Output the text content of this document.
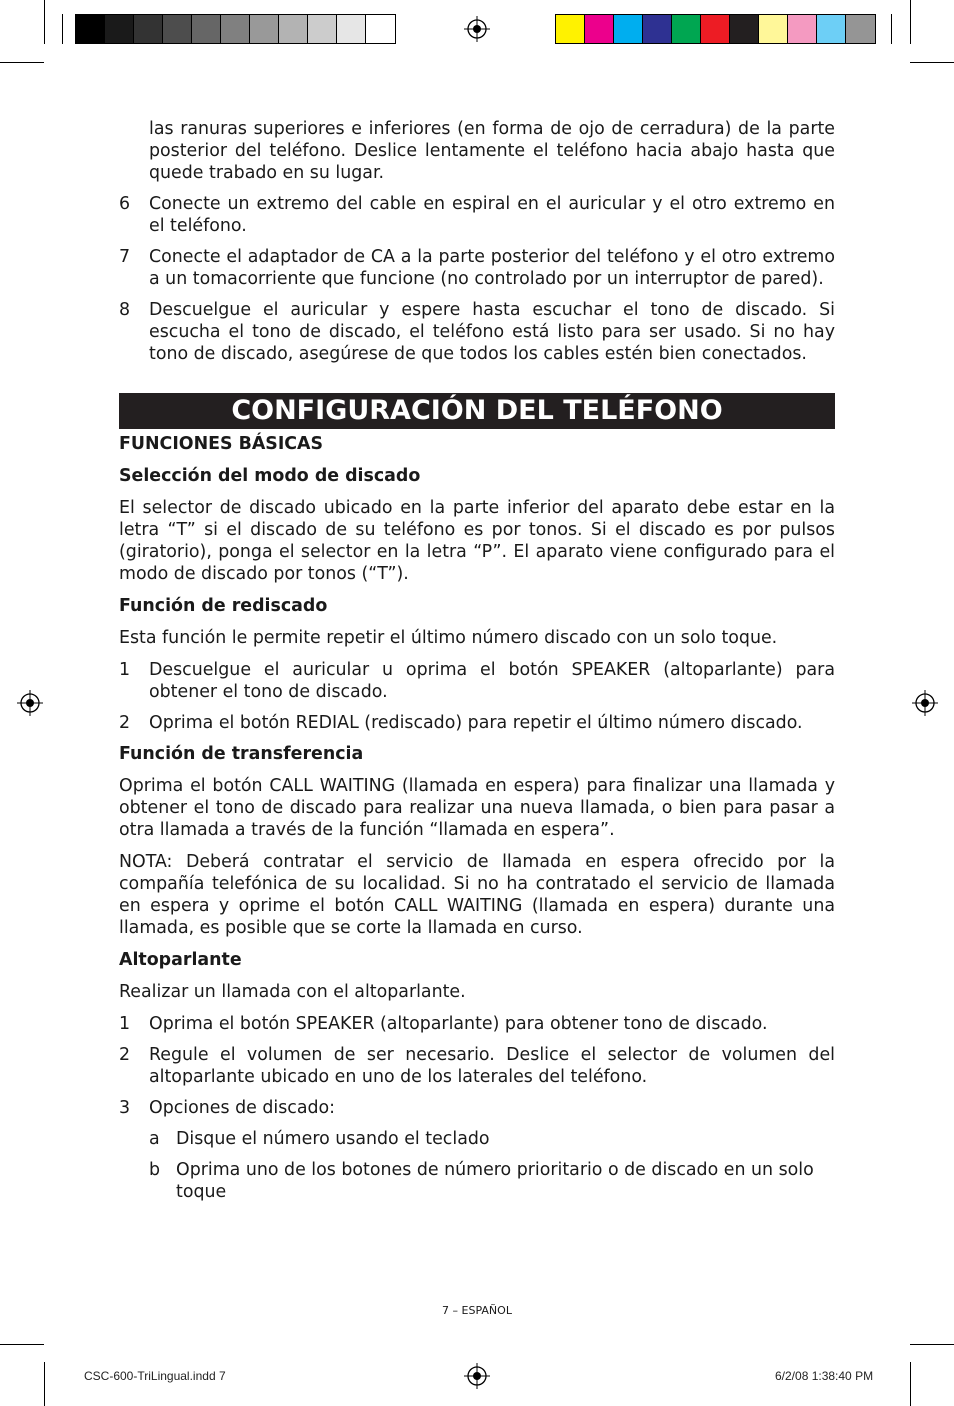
las ranuras superiores e inferiores (en forma de ojo de cerradura) de la parte posterior del teléfono. Deslice lentamente el teléfono hacia abajo hasta que quede trabado en su lugar.

6	Conecte un extremo del cable en espiral en el auricular y el otro extremo en el teléfono.

7	Conecte el adaptador de CA a la parte posterior del teléfono y el otro extremo a un tomacorriente que funcione (no controlado por un interruptor de pared).

8	Descuelgue el auricular y espere hasta escuchar el tono de discado. Si escucha el tono de discado, el teléfono está listo para ser usado. Si no hay tono de discado, asegúrese de que todos los cables estén bien conectados.

CONFIGURACIÓN DEL TELÉFONO
FUNCIONES BÁSICAS
Selección del modo de discado

El selector de discado ubicado en la parte inferior del aparato debe estar en la letra “T” si el discado de su teléfono es por tonos. Si el discado es por pulsos (giratorio), ponga el selector en la letra “P”. El aparato viene configurado para el modo de discado por tonos (“T”).

Función de rediscado

Esta función le permite repetir el último número discado con un solo toque.

1	Descuelgue el auricular u oprima el botón SPEAKER (altoparlante) para obtener el tono de discado.

2	Oprima el botón REDIAL (rediscado) para repetir el último número discado.

Función de transferencia

Oprima el botón CALL WAITING (llamada en espera) para finalizar una llamada y obtener el tono de discado para realizar una nueva llamada, o bien para pasar a otra llamada a través de la función “llamada en espera”.

NOTA: Deberá contratar el servicio de llamada en espera ofrecido por la compañía telefónica de su localidad. Si no ha contratado el servicio de llamada en espera y oprime el botón CALL WAITING (llamada en espera) durante una llamada, es posible que se corte la llamada en curso.

Altoparlante

Realizar un llamada con el altoparlante.

1	Oprima el botón SPEAKER (altoparlante) para obtener tono de discado.

2	Regule el volumen de ser necesario. Deslice el selector de volumen del altoparlante ubicado en uno de los laterales del teléfono.

3	Opciones de discado:

a Disque el número usando el teclado

b Oprima uno de los botones de número prioritario o de discado en un solo toque

7 – ESPAÑOL
CSC-600-TriLingual.indd 7	6/2/08 1:38:40 PM
